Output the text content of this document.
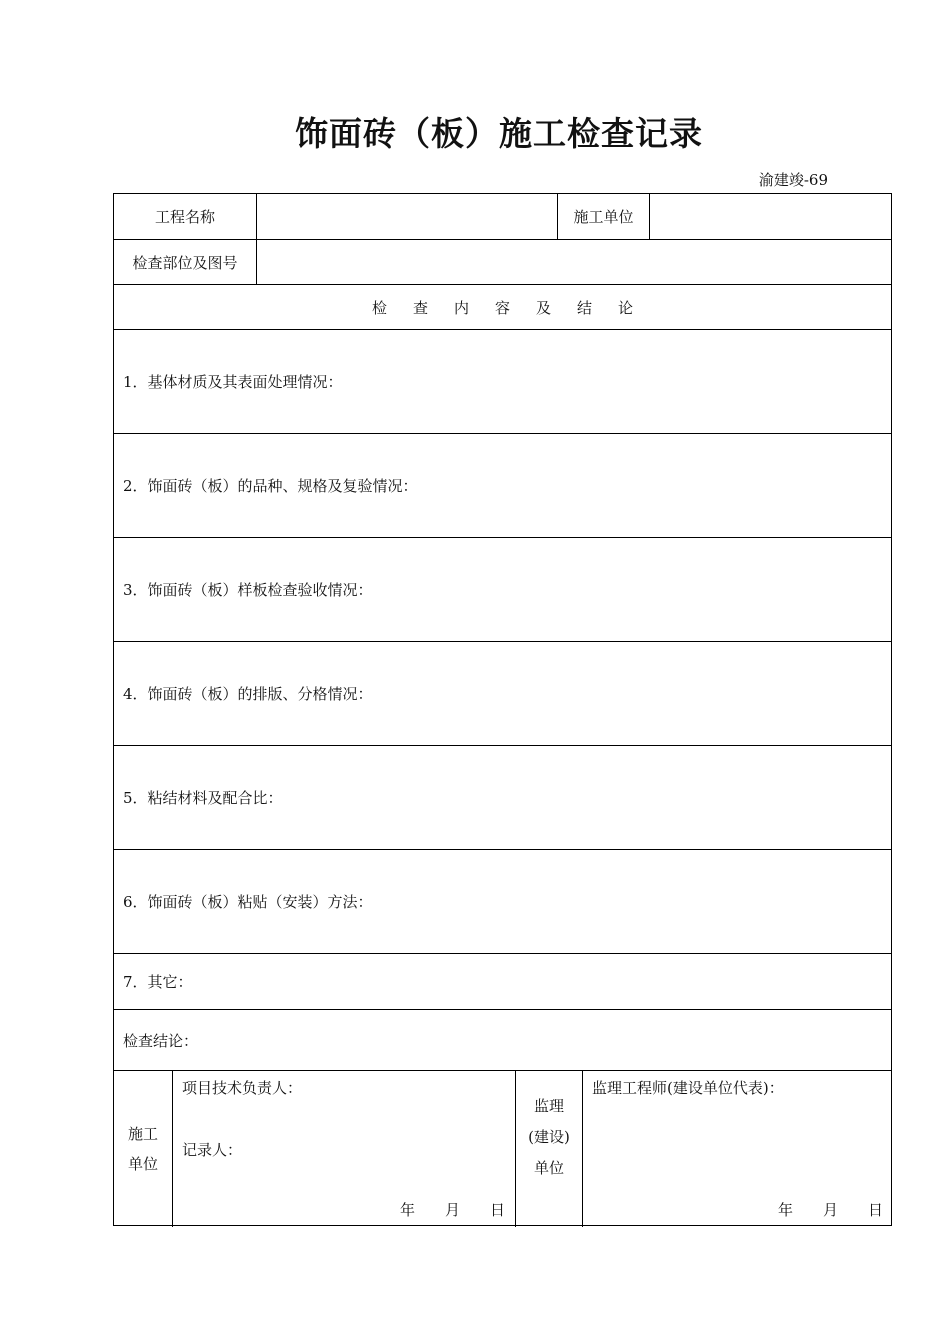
饰面砖（板）施工检查记录
渝建竣-69
工程名称	施工单位
检查部位及图号
检查内容及结论
1．基体材质及其表面处理情况：
2．饰面砖（板）的品种、规格及复验情况：
3．饰面砖（板）样板检查验收情况：
4．饰面砖（板）的排版、分格情况：
5．粘结材料及配合比：
6．饰面砖（板）粘贴（安装）方法：
7．其它：
检查结论：
施工单位
项目技术负责人：
记录人：
年　　月　　日
监理
(建设)
单位
监理工程师(建设单位代表)：
年　　月　　日
